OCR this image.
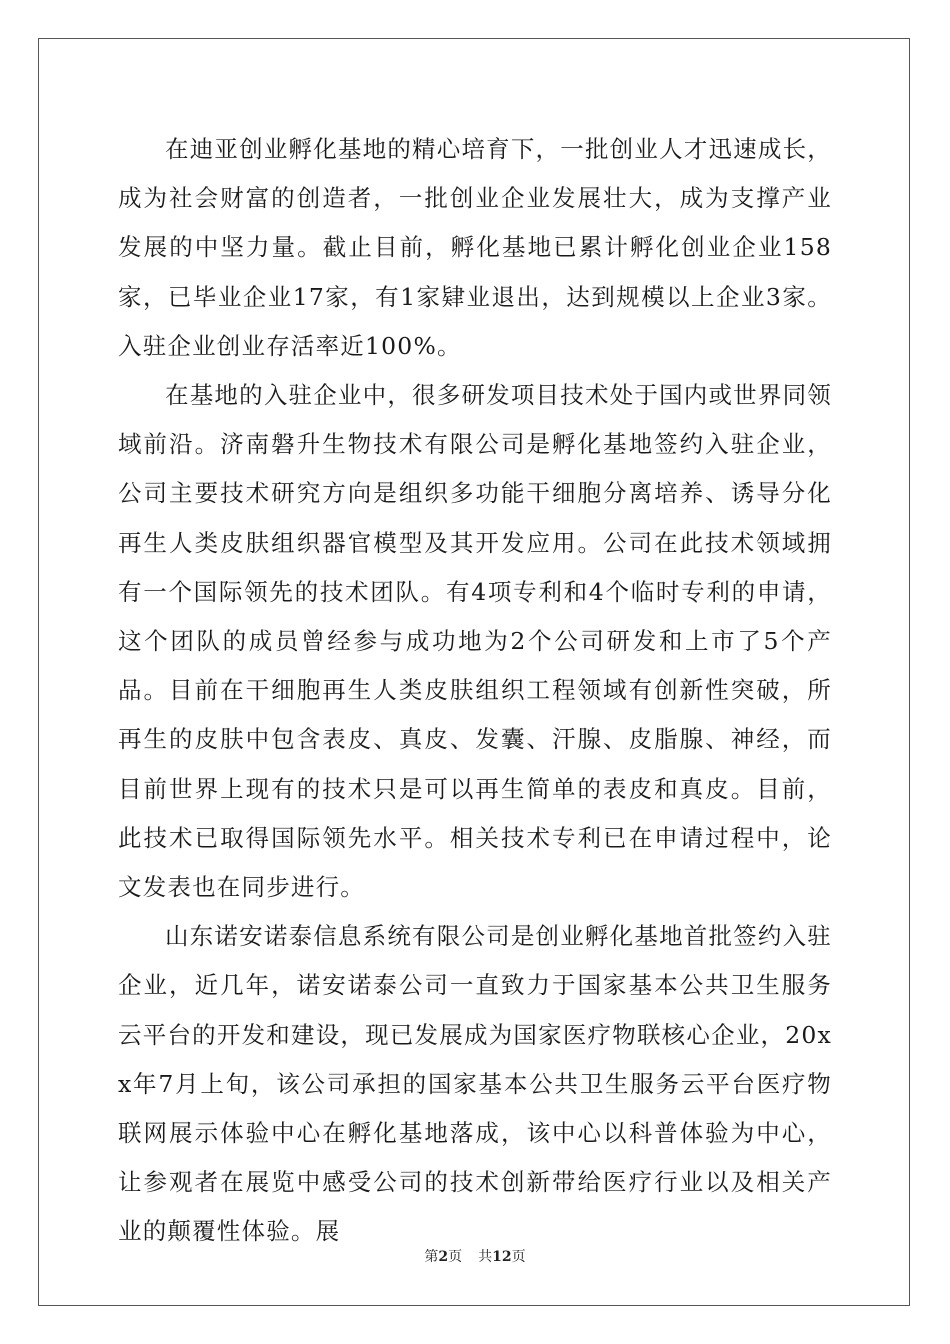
在迪亚创业孵化基地的精心培育下，一批创业人才迅速成长，成为社会财富的创造者，一批创业企业发展壮大，成为支撑产业发展的中坚力量。截止目前，孵化基地已累计孵化创业企业158家，已毕业企业17家，有1家肄业退出，达到规模以上企业3家。入驻企业创业存活率近100%。

在基地的入驻企业中，很多研发项目技术处于国内或世界同领域前沿。济南磐升生物技术有限公司是孵化基地签约入驻企业，公司主要技术研究方向是组织多功能干细胞分离培养、诱导分化再生人类皮肤组织器官模型及其开发应用。公司在此技术领域拥有一个国际领先的技术团队。有4项专利和4个临时专利的申请，这个团队的成员曾经参与成功地为2个公司研发和上市了5个产品。目前在干细胞再生人类皮肤组织工程领域有创新性突破，所再生的皮肤中包含表皮、真皮、发囊、汗腺、皮脂腺、神经，而目前世界上现有的技术只是可以再生简单的表皮和真皮。目前，此技术已取得国际领先水平。相关技术专利已在申请过程中，论文发表也在同步进行。

山东诺安诺泰信息系统有限公司是创业孵化基地首批签约入驻企业，近几年，诺安诺泰公司一直致力于国家基本公共卫生服务云平台的开发和建设，现已发展成为国家医疗物联核心企业，20xx年7月上旬，该公司承担的国家基本公共卫生服务云平台医疗物联网展示体验中心在孵化基地落成，该中心以科普体验为中心，让参观者在展览中感受公司的技术创新带给医疗行业以及相关产业的颠覆性体验。展

第2页 共12页
